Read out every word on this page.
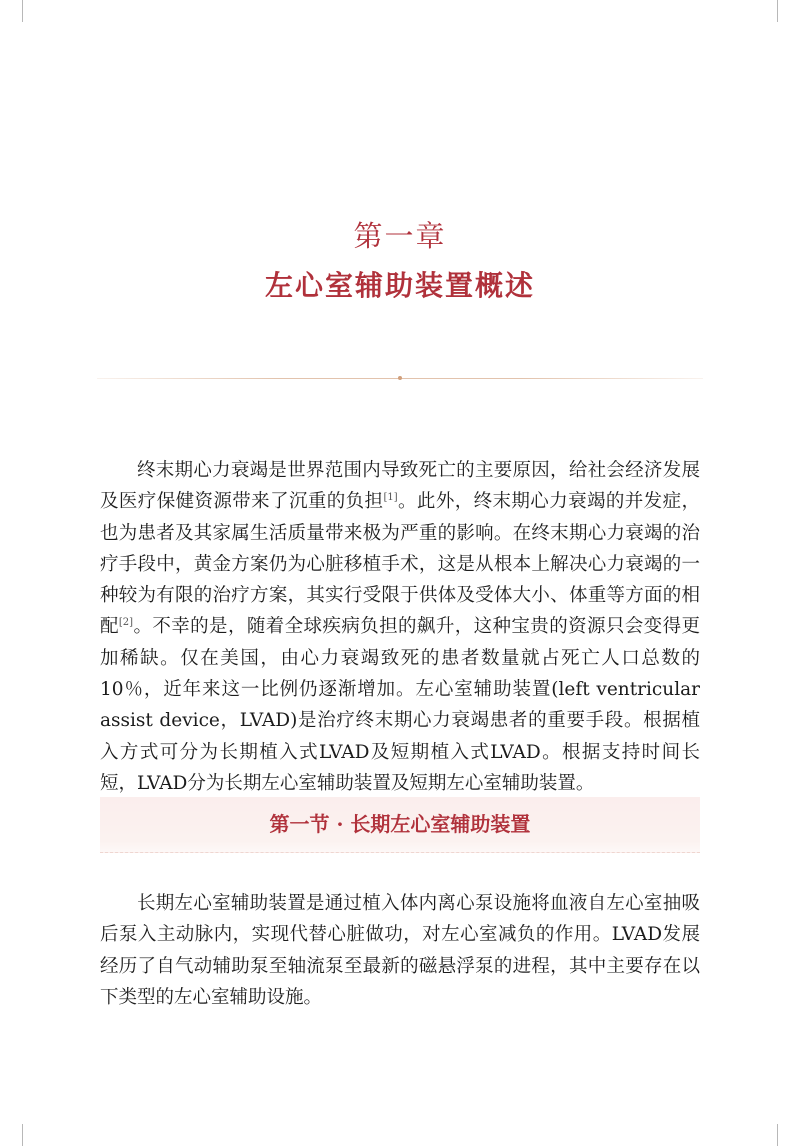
第一章
左心室辅助装置概述

终末期心力衰竭是世界范围内导致死亡的主要原因，给社会经济发展及医疗保健资源带来了沉重的负担[1]。此外，终末期心力衰竭的并发症，也为患者及其家属生活质量带来极为严重的影响。在终末期心力衰竭的治疗手段中，黄金方案仍为心脏移植手术，这是从根本上解决心力衰竭的一种较为有限的治疗方案，其实行受限于供体及受体大小、体重等方面的相配[2]。不幸的是，随着全球疾病负担的飙升，这种宝贵的资源只会变得更加稀缺。仅在美国，由心力衰竭致死的患者数量就占死亡人口总数的10％，近年来这一比例仍逐渐增加。左心室辅助装置(left ventricular assist device，LVAD)是治疗终末期心力衰竭患者的重要手段。根据植入方式可分为长期植入式LVAD及短期植入式LVAD。根据支持时间长短，LVAD分为长期左心室辅助装置及短期左心室辅助装置。

第一节 · 长期左心室辅助装置

长期左心室辅助装置是通过植入体内离心泵设施将血液自左心室抽吸后泵入主动脉内，实现代替心脏做功，对左心室减负的作用。LVAD发展经历了自气动辅助泵至轴流泵至最新的磁悬浮泵的进程，其中主要存在以下类型的左心室辅助设施。
